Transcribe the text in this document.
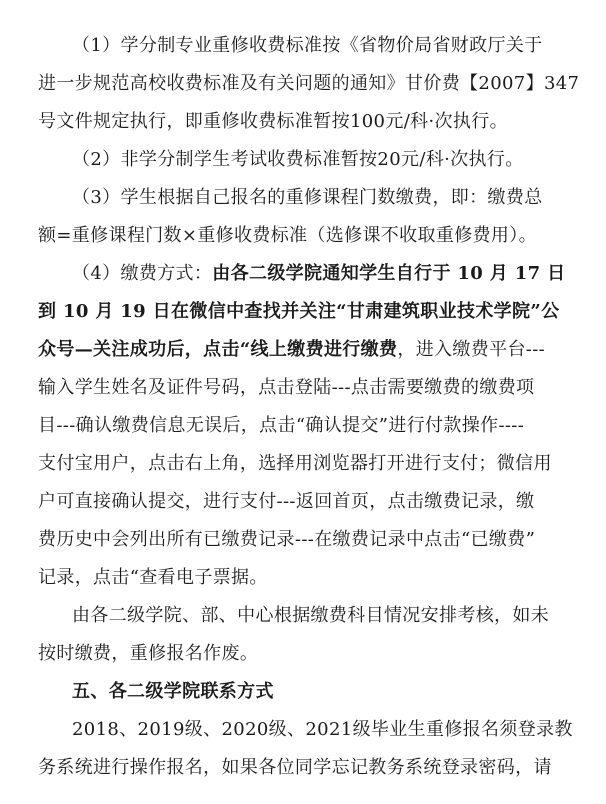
（1）学分制专业重修收费标准按《省物价局省财政厅关于
进一步规范高校收费标准及有关问题的通知》甘价费【2007】347
号文件规定执行，即重修收费标准暂按100元/科·次执行。
（2）非学分制学生考试收费标准暂按20元/科·次执行。
（3）学生根据自己报名的重修课程门数缴费，即：缴费总
额=重修课程门数×重修收费标准（选修课不收取重修费用）。
（4）缴费方式：由各二级学院通知学生自行于 10 月 17 日
到 10 月 19 日在微信中查找并关注“甘肃建筑职业技术学院”公
众号—关注成功后，点击“线上缴费进行缴费，进入缴费平台---
输入学生姓名及证件号码，点击登陆---点击需要缴费的缴费项
目---确认缴费信息无误后，点击“确认提交”进行付款操作----
支付宝用户，点击右上角，选择用浏览器打开进行支付；微信用
户可直接确认提交，进行支付---返回首页，点击缴费记录，缴
费历史中会列出所有已缴费记录---在缴费记录中点击“已缴费”
记录，点击“查看电子票据。
由各二级学院、部、中心根据缴费科目情况安排考核，如未
按时缴费，重修报名作废。
五、各二级学院联系方式
2018、2019级、2020级、2021级毕业生重修报名须登录教
务系统进行操作报名，如果各位同学忘记教务系统登录密码，请
